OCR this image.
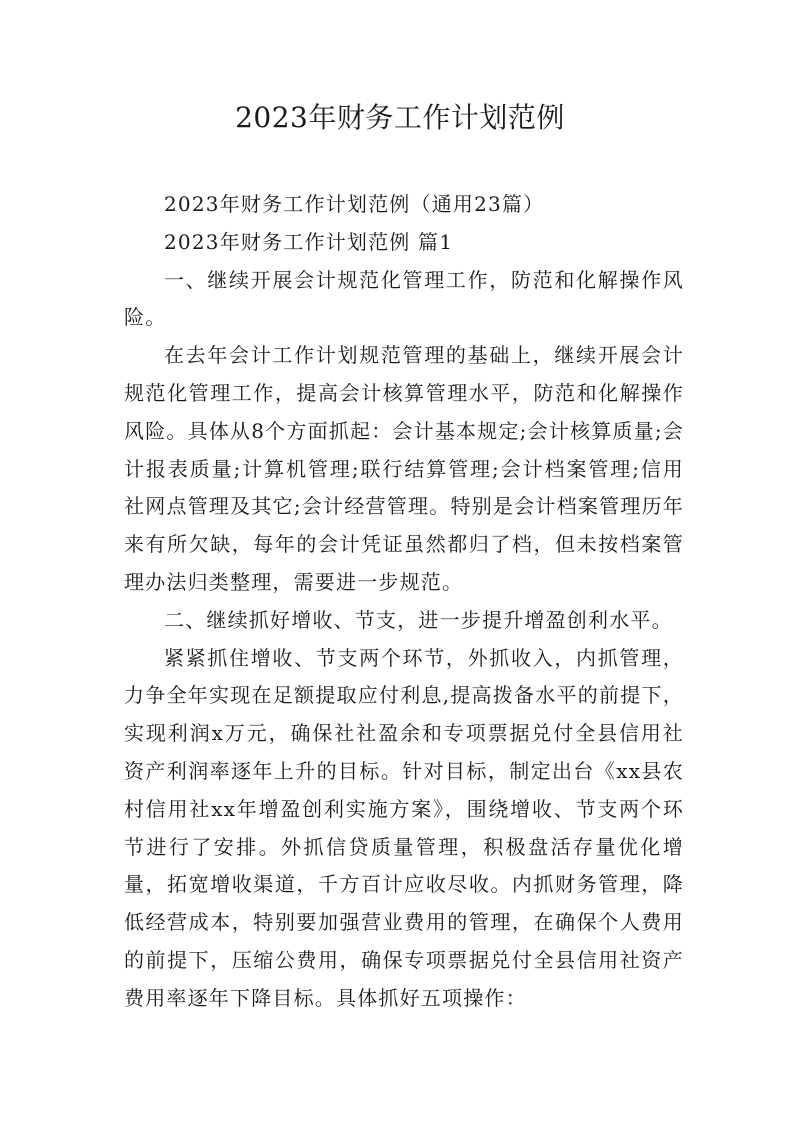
2023年财务工作计划范例

2023年财务工作计划范例（通用23篇）

2023年财务工作计划范例 篇1

一、继续开展会计规范化管理工作，防范和化解操作风险。

在去年会计工作计划规范管理的基础上，继续开展会计规范化管理工作，提高会计核算管理水平，防范和化解操作风险。具体从8个方面抓起：会计基本规定;会计核算质量;会计报表质量;计算机管理;联行结算管理;会计档案管理;信用社网点管理及其它;会计经营管理。特别是会计档案管理历年来有所欠缺，每年的会计凭证虽然都归了档，但未按档案管理办法归类整理，需要进一步规范。

二、继续抓好增收、节支，进一步提升增盈创利水平。

紧紧抓住增收、节支两个环节，外抓收入，内抓管理，力争全年实现在足额提取应付利息,提高拨备水平的前提下，实现利润x万元，确保社社盈余和专项票据兑付全县信用社资产利润率逐年上升的目标。针对目标，制定出台《xx县农村信用社xx年增盈创利实施方案》，围绕增收、节支两个环节进行了安排。外抓信贷质量管理，积极盘活存量优化增量，拓宽增收渠道，千方百计应收尽收。内抓财务管理，降低经营成本，特别要加强营业费用的管理，在确保个人费用的前提下，压缩公费用，确保专项票据兑付全县信用社资产费用率逐年下降目标。具体抓好五项操作：
